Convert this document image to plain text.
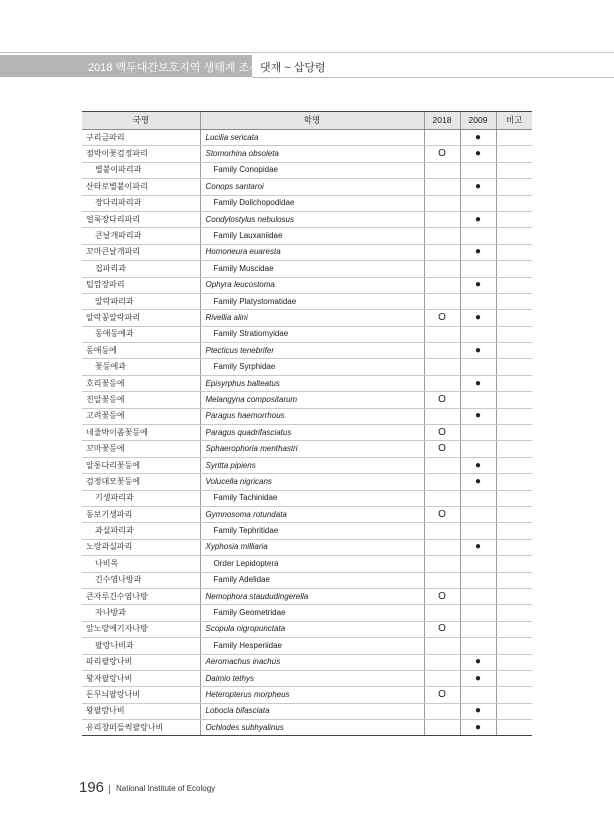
2018 백두대간보호지역 생태계 조사 댓재 ~ 삽당령
국명	학명	2018	2009	비고
구리금파리	Lucilia sericata		●	
점박이꽃검정파리	Stomorhina obsoleta	O	●	
별붙이파리과	Family Conopidae			
산타로별붙이파리	Conops santaroi		●	
장다리파리과	Family Dolichopodidae			
얼룩장다리파리	Condylostylus nebulosus		●	
큰날개파리과	Family Lauxaniidae			
꼬마큰날개파리	Homoneura euaresta		●	
집파리과	Family Muscidae			
털깜장파리	Ophyra leucostoma		●	
알락파리과	Family Platystomatidae			
알락꽁알락파리	Rivellia alini	O	●	
동애등에과	Family Stratiomyidae			
동애등에	Ptecticus tenebrifer		●	
꽃등에과	Family Syrphidae			
호리꽃등에	Episyrphus balteatus		●	
진알꽃등에	Melangyna compositarum	O		
고려꽃등에	Paragus haemorrhous		●	
네줄박이좀꽃등에	Paragus quadrifasciatus	O		
꼬마꽃등에	Sphaerophoria menthastri	O		
알통다리꽃등에	Syritta pipiens		●	
검정대모꽃등에	Volucella nigricans		●	
기생파리과	Family Tachinidae			
동보기생파리	Gymnosoma rotundata	O		
과실파리과	Family Tephritidae			
노랑과실파리	Xyphosia milliaria		●	
나비목	Order Lepidoptera			
긴수염나방과	Family Adelidae			
큰자루긴수염나방	Nemophora staududingerella	O		
자나방과	Family Geometridae			
앞노랑애기자나방	Scopula nigropunctata	O		
팔랑나비과	Family Hesperiidae			
파리팔랑나비	Aeromachus inachus		●	
왕자팔랑나비	Daimio tethys		●	
돈무늬팔랑나비	Heteropterus morpheus	O		
왕팔랑나비	Lobocla bifasciata		●	
유리창떠들썩팔랑나비	Ochlodes subhyalinus		●	
196 National Institute of Ecology
